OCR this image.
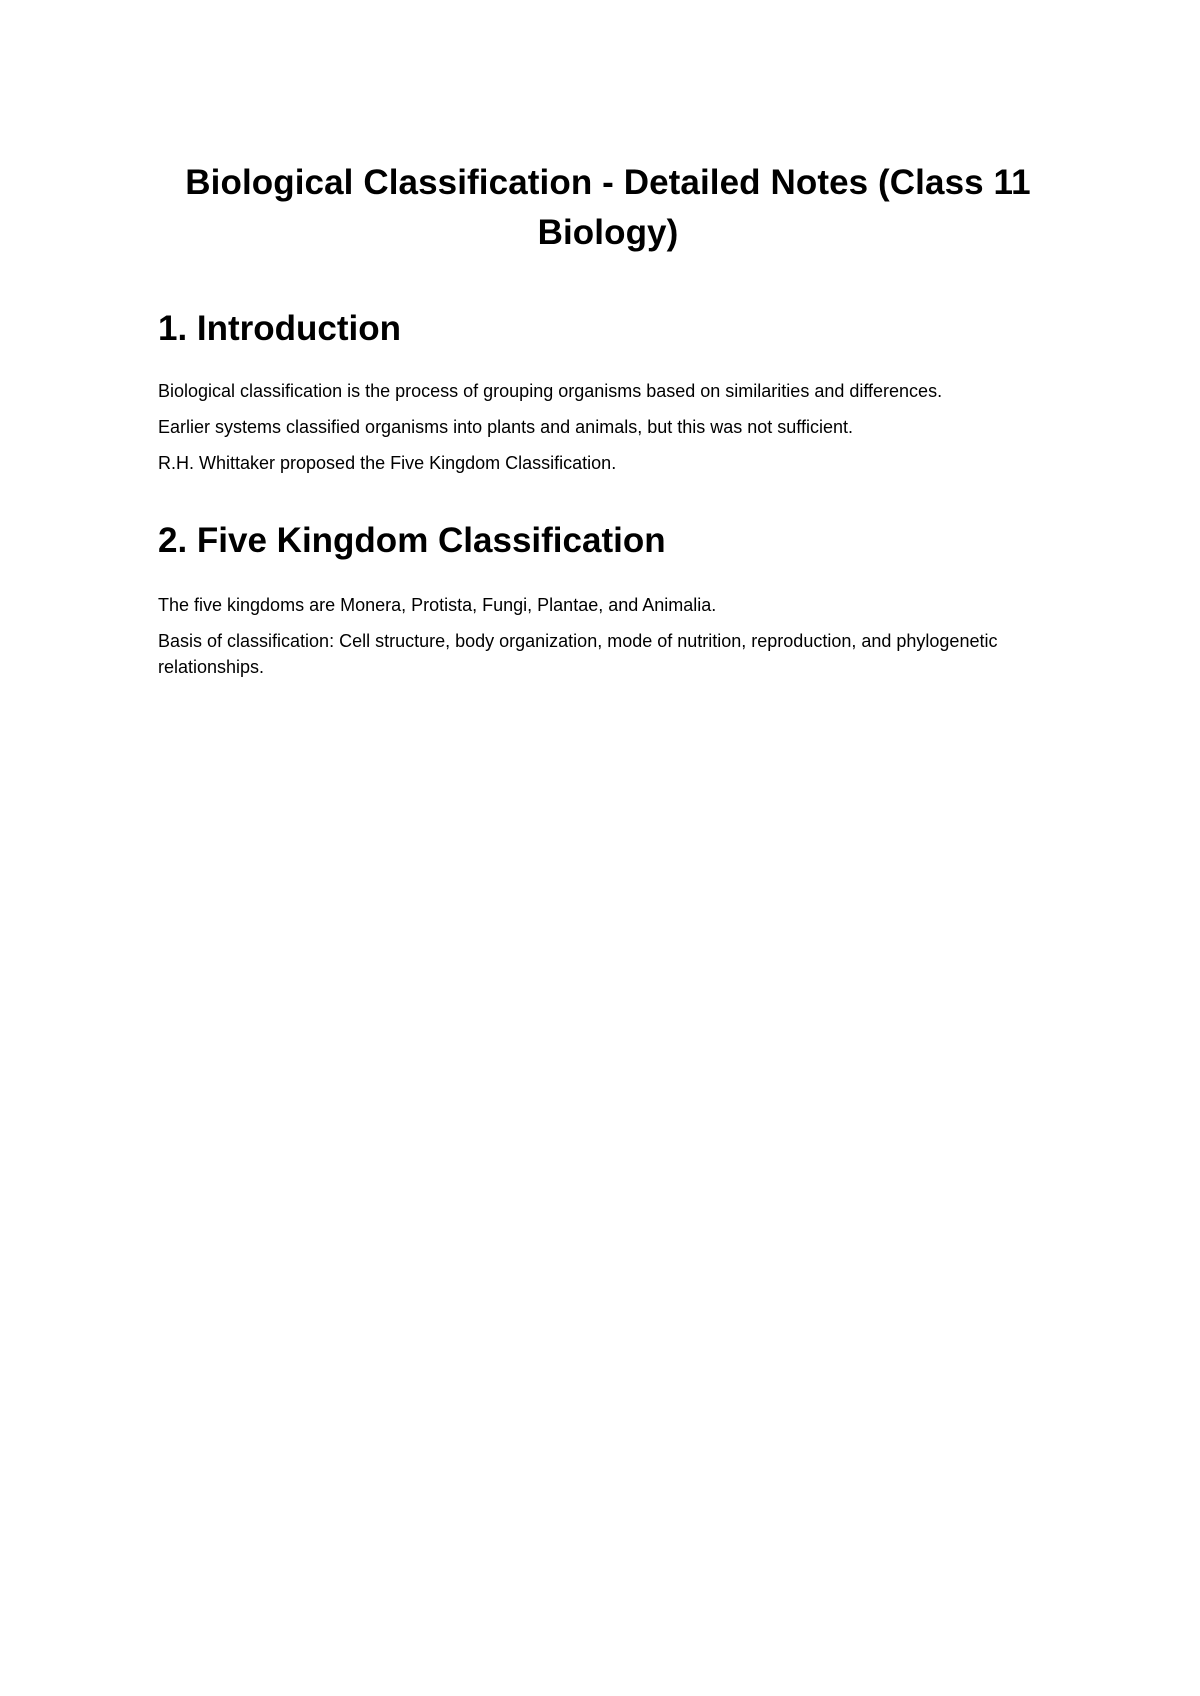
Biological Classification - Detailed Notes (Class 11 Biology)
1. Introduction

Biological classification is the process of grouping organisms based on similarities and differences.

Earlier systems classified organisms into plants and animals, but this was not sufficient.

R.H. Whittaker proposed the Five Kingdom Classification.

2. Five Kingdom Classification

The five kingdoms are Monera, Protista, Fungi, Plantae, and Animalia.

Basis of classification: Cell structure, body organization, mode of nutrition, reproduction, and phylogenetic relationships.
